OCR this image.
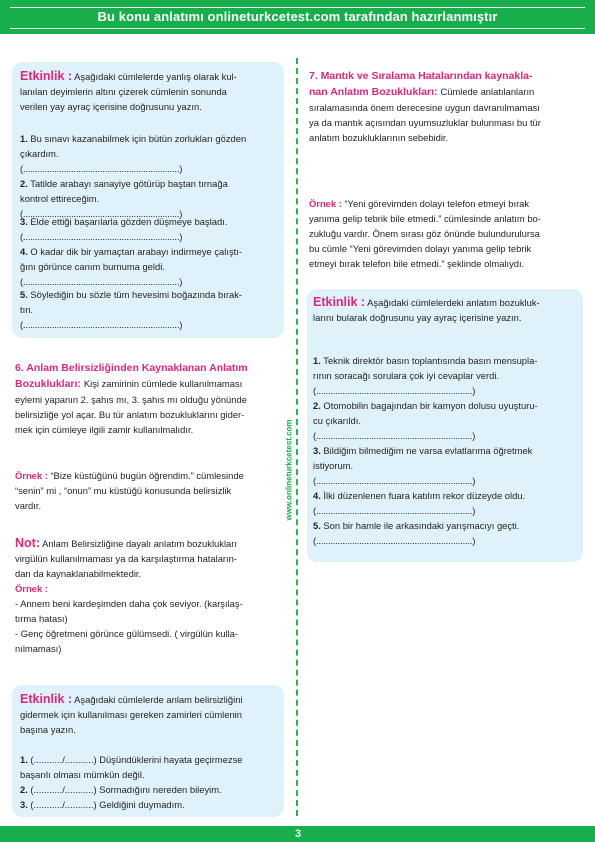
Bu konu anlatımı onlineturkcetest.com tarafından hazırlanmıştır
www.onlineturkcetest.com
Etkinlik : Aşağıdaki cümlelerde yanlış olarak kul-
lanılan deyimlerin altını çizerek cümlenin sonunda
verilen yay ayraç içerisine doğrusunu yazın.
1. Bu sınavı kazanabilmek için bütün zorlukları gözden
çıkardım.
(.................................................................)
2. Tatilde arabayı sanayiye götürüp baştan tırnağa
kontrol ettireceğim.
(.................................................................)
3. Elde ettiği başarılarla gözden düşmeye başladı.
(.................................................................)
4. O kadar dik bir yamaçtan arabayı indirmeye çalıştı-
ğını görünce canım burnuma geldi.
(.................................................................)
5. Söylediğin bu sözle tüm hevesimi boğazında bırak-
tın.
(.................................................................)
6. Anlam Belirsizliğinden Kaynaklanan Anlatım
Bozuklukları: Kişi zamirinin cümlede kullanılmaması
eylemi yapanın 2. şahıs mı, 3. şahıs mı olduğu yönünde
belirsizliğe yol açar. Bu tür anlatım bozukluklarını gider-
mek için cümleye ilgili zamir kullanılmalıdır.
Örnek : “Bize küstüğünü bugün öğrendim.” cümlesinde
“senin” mi , “onun” mu küstüğü konusunda belirsizlik
vardır.
Not: Anlam Belirsizliğine dayalı anlatım bozuklukları
virgülün kullanılmaması ya da karşılaştırma hataların-
dan da kaynaklanabilmektedir.
Örnek :
- Annem beni kardeşimden daha çok seviyor. (karşılaş-
tırma hatası)
- Genç öğretmeni görünce gülümsedi. ( virgülün kulla-
nılmaması)
Etkinlik : Aşağıdaki cümlelerde anlam belirsizliğini
gidermek için kullanılması gereken zamirleri cümlenin
başına yazın.
1. (.........../...........) Düşündüklerini hayata geçirmezse
başarılı olması mümkün değil.
2. (.........../...........) Sormadığını nereden bileyim.
3. (.........../...........) Geldiğini duymadım.
7. Mantık ve Sıralama Hatalarından kaynakla-
nan Anlatım Bozuklukları: Cümlede anlatılanların
sıralamasında önem derecesine uygun davranılmaması
ya da mantık açısından uyumsuzluklar bulunması bu tür
anlatım bozukluklarının sebebidir.
Örnek : “Yeni görevimden dolayı telefon etmeyi bırak
yanıma gelip tebrik bile etmedi.” cümlesinde anlatım bo-
zukluğu vardır. Önem sırası göz önünde bulundurulursa
bu cümle “Yeni görevimden dolayı yanıma gelip tebrik
etmeyi bırak telefon bile etmedi.” şeklinde olmalıydı.
Etkinlik : Aşağıdaki cümlelerdeki anlatım bozukluk-
larını bularak doğrusunu yay ayraç içerisine yazın.
1. Teknik direktör basın toplantısında basın mensupla-
rının soracağı sorulara çok iyi cevaplar verdi.
(.................................................................)
2. Otomobilin bagajından bir kamyon dolusu uyuşturu-
cu çıkarıldı.
(.................................................................)
3. Bildiğim bilmediğim ne varsa evlatlarıma öğretmek
istiyorum.
(.................................................................)
4. İlki düzenlenen fuara katılım rekor düzeyde oldu.
(.................................................................)
5. Son bir hamle ile arkasındaki yarışmacıyı geçti.
(.................................................................)
3
